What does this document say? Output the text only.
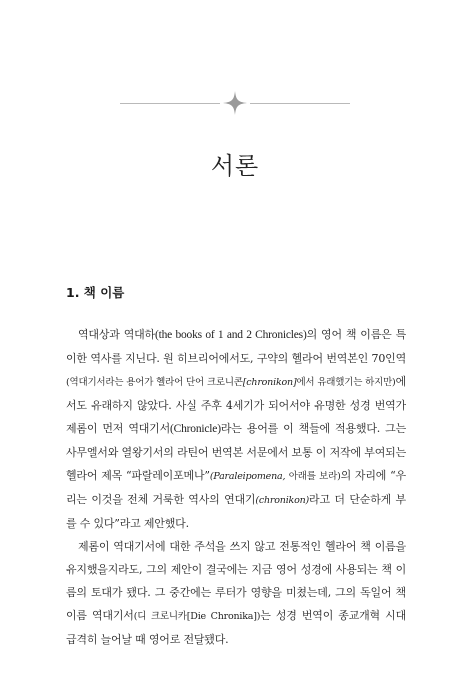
서론
1. 책 이름

역대상과 역대하(the books of 1 and 2 Chronicles)의 영어 책 이름은 특이한 역사를 지닌다. 원 히브리어에서도, 구약의 헬라어 번역본인 70인역(역대기서라는 용어가 헬라어 단어 크로니콘[chronikon]에서 유래했기는 하지만)에서도 유래하지 않았다. 사실 주후 4세기가 되어서야 유명한 성경 번역가 제롬이 먼저 역대기서(Chronicle)라는 용어를 이 책들에 적용했다. 그는 사무엘서와 열왕기서의 라틴어 번역본 서문에서 보통 이 저작에 부여되는 헬라어 제목 “파랄레이포메나”(Paraleipomena, 아래를 보라)의 자리에 “우리는 이것을 전체 거룩한 역사의 연대기(chronikon)라고 더 단순하게 부를 수 있다”라고 제안했다.

제롬이 역대기서에 대한 주석을 쓰지 않고 전통적인 헬라어 책 이름을 유지했을지라도, 그의 제안이 결국에는 지금 영어 성경에 사용되는 책 이름의 토대가 됐다. 그 중간에는 루터가 영향을 미쳤는데, 그의 독일어 책 이름 역대기서(디 크로니카[Die Chronika])는 성경 번역이 종교개혁 시대 급격히 늘어날 때 영어로 전달됐다.
